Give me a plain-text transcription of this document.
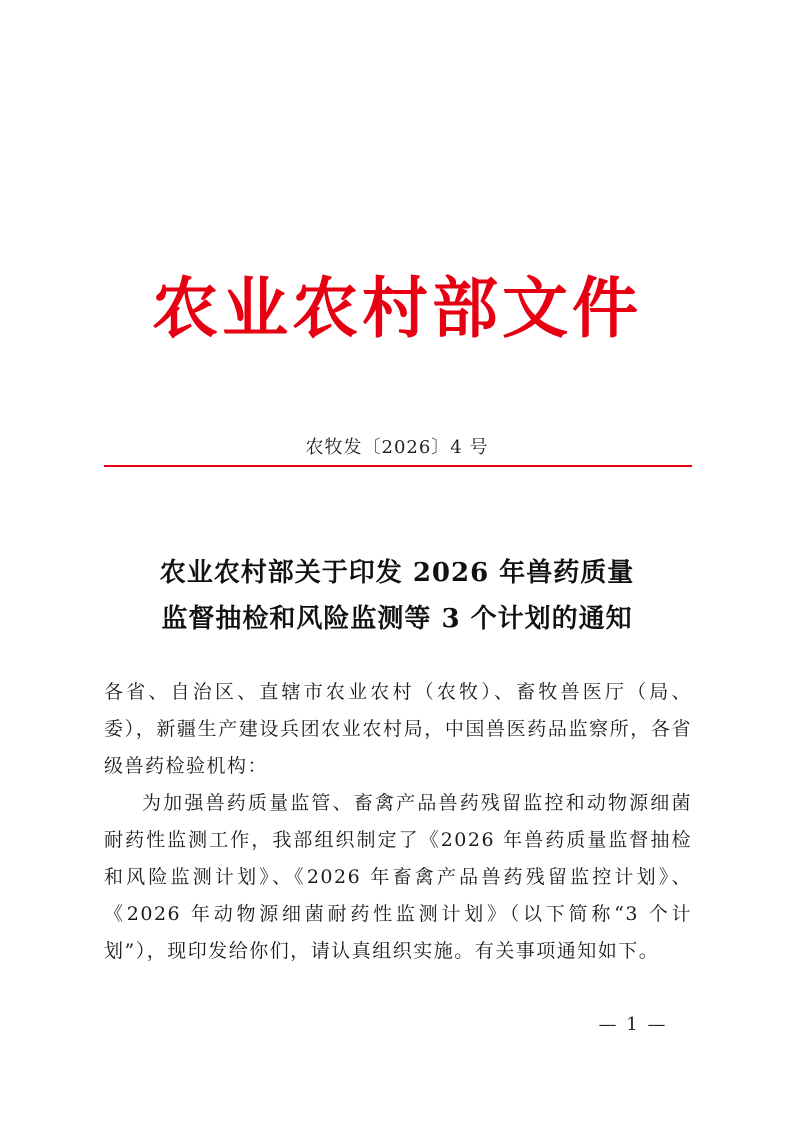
农业农村部文件
农牧发〔2026〕4 号
农业农村部关于印发 2026 年兽药质量
监督抽检和风险监测等 3 个计划的通知

各省、自治区、直辖市农业农村（农牧）、畜牧兽医厅（局、委），新疆生产建设兵团农业农村局，中国兽医药品监察所，各省级兽药检验机构：

为加强兽药质量监管、畜禽产品兽药残留监控和动物源细菌耐药性监测工作，我部组织制定了《2026 年兽药质量监督抽检和风险监测计划》、《2026 年畜禽产品兽药残留监控计划》、《2026 年动物源细菌耐药性监测计划》（以下简称“3 个计划”），现印发给你们，请认真组织实施。有关事项通知如下。

— 1 —
